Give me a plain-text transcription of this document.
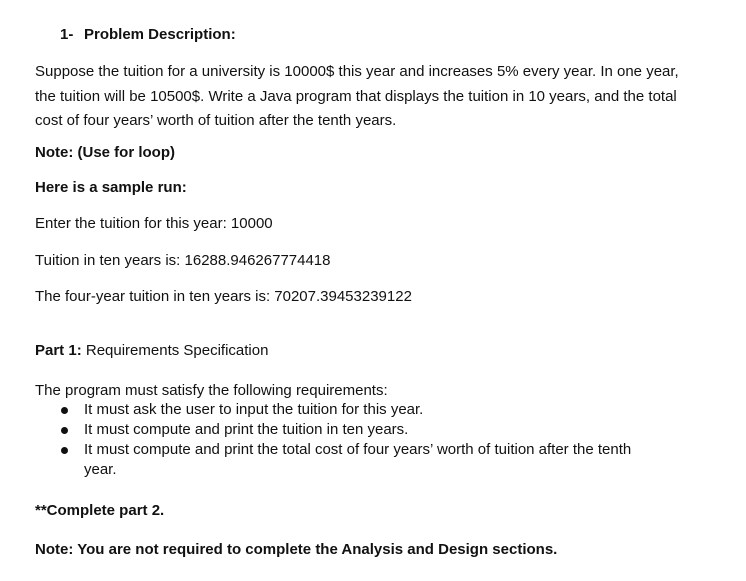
1- Problem Description:
Suppose the tuition for a university is 10000$ this year and increases 5% every year. In one year, the tuition will be 10500$. Write a Java program that displays the tuition in 10 years, and the total cost of four years’ worth of tuition after the tenth years.
Note: (Use for loop)
Here is a sample run:
Enter the tuition for this year: 10000
Tuition in ten years is: 16288.946267774418
The four-year tuition in ten years is: 70207.39453239122
Part 1: Requirements Specification
The program must satisfy the following requirements:
It must ask the user to input the tuition for this year.
It must compute and print the tuition in ten years.
It must compute and print the total cost of four years’ worth of tuition after the tenth year.
**Complete part 2.
Note: You are not required to complete the Analysis and Design sections.
